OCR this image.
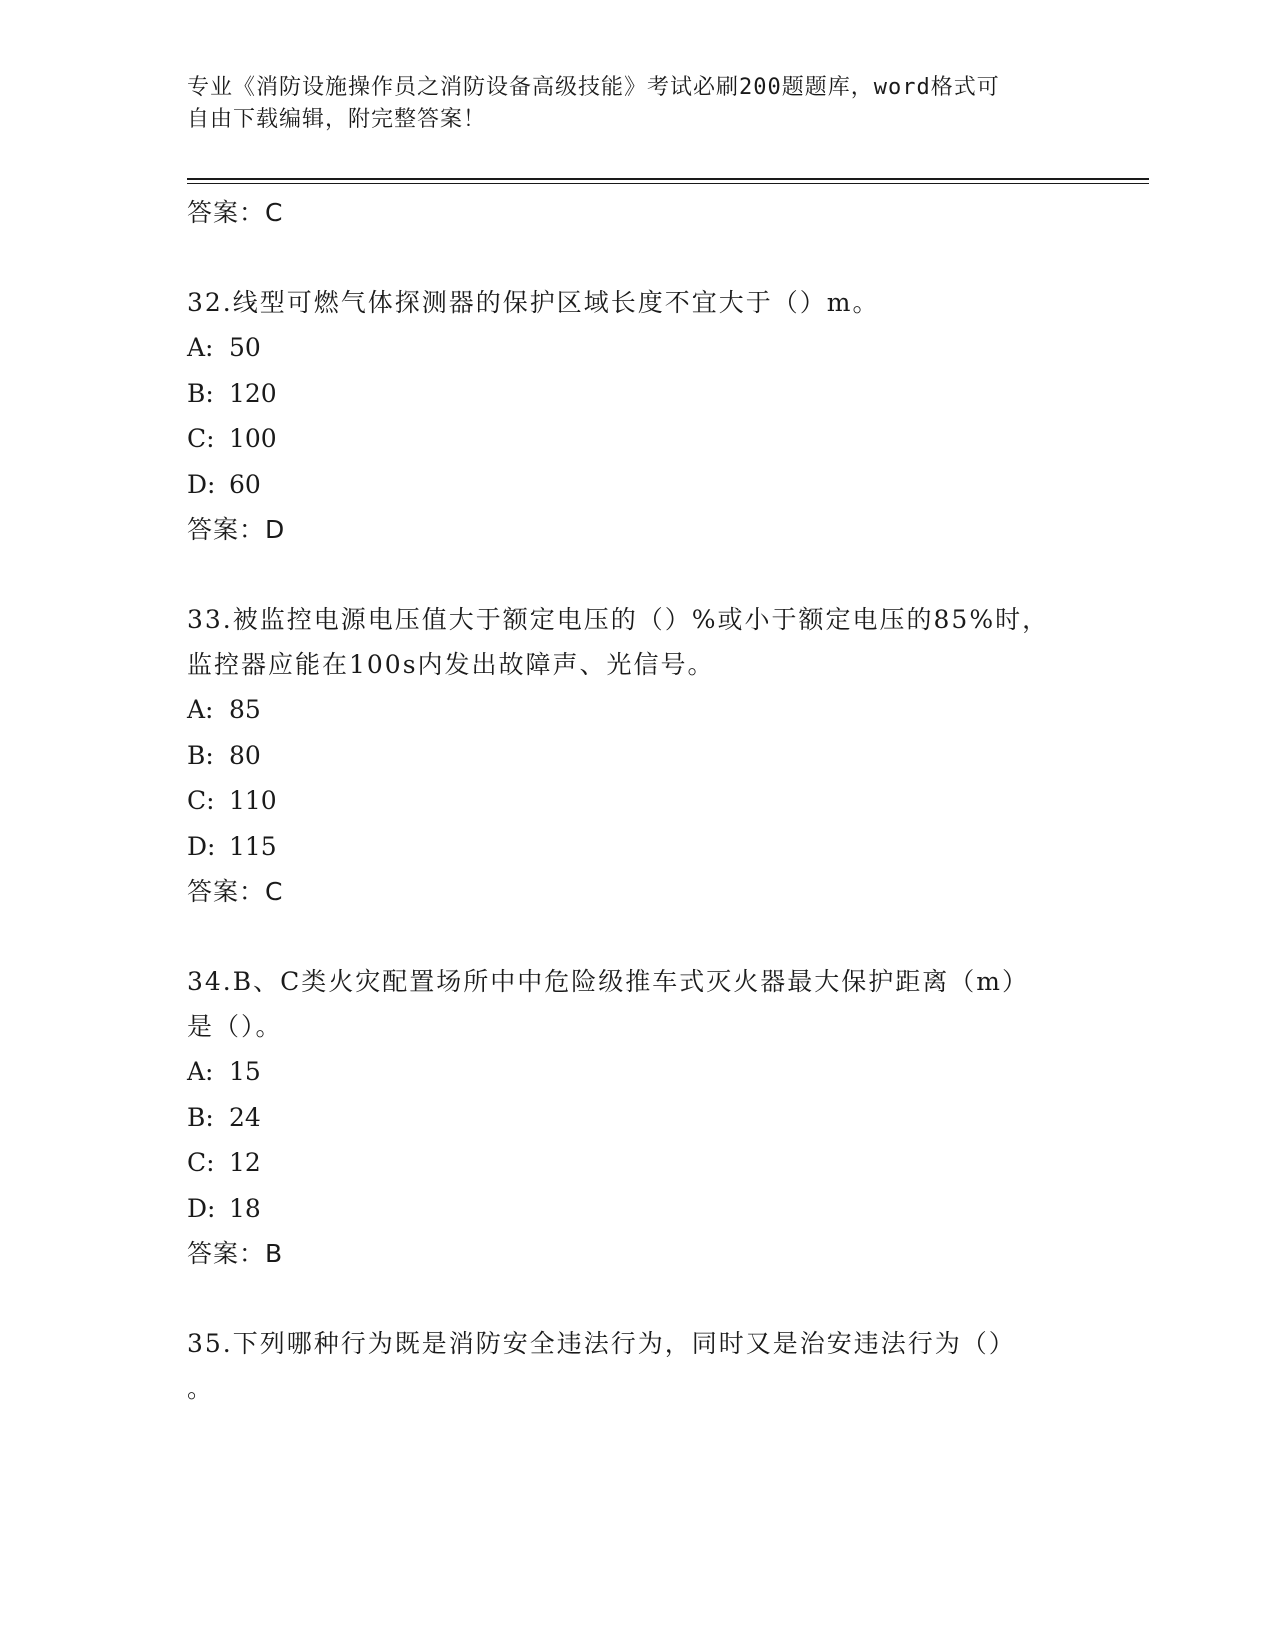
专业《消防设施操作员之消防设备高级技能》考试必刷200题题库，word格式可
自由下载编辑，附完整答案！
答案：C
32.线型可燃气体探测器的保护区域长度不宜大于（）m。
A: 50
B: 120
C: 100
D: 60
答案：D
33.被监控电源电压值大于额定电压的（）%或小于额定电压的85%时，
监控器应能在100s内发出故障声、光信号。
A: 85
B: 80
C: 110
D: 115
答案：C
34.B、C类火灾配置场所中中危险级推车式灭火器最大保护距离（m）
是（）。
A: 15
B: 24
C: 12
D: 18
答案：B
35.下列哪种行为既是消防安全违法行为，同时又是治安违法行为（）
。
